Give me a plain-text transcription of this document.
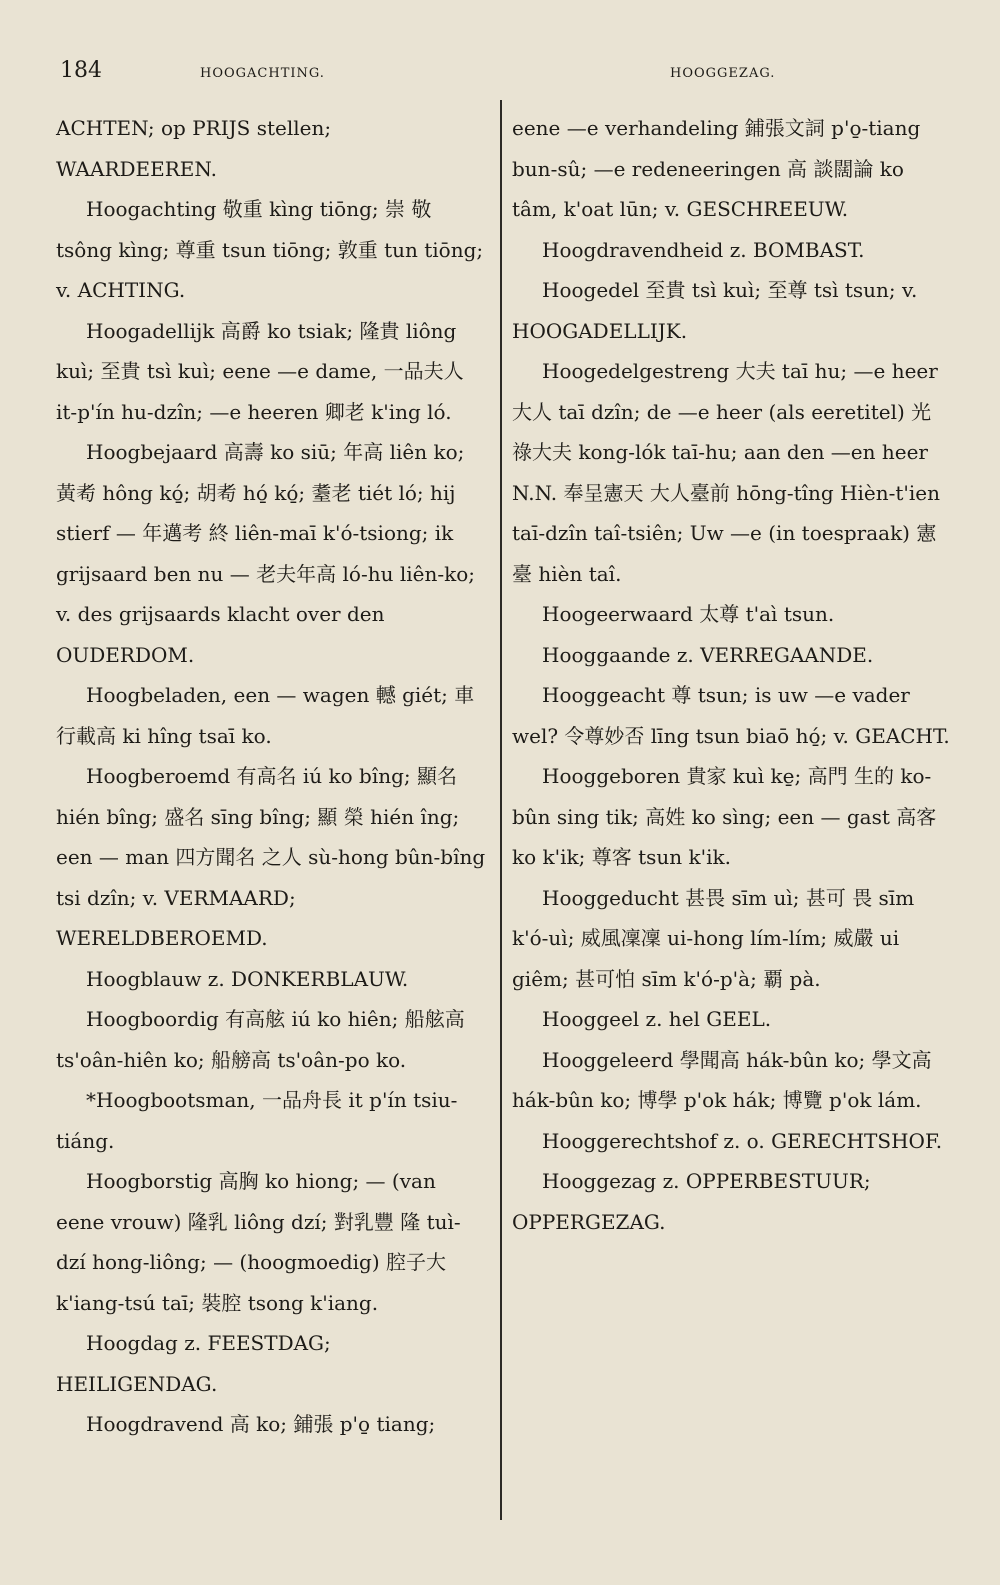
184	HOOGACHTING.	HOOGGEZAG.

ACHTEN; op PRIJS stellen; WAARDEEREN.

Hoogachting 敬重 kìng tiōng; 崇 敬 tsông kìng; 尊重 tsun tiōng; 敦重 tun tiōng; v. ACHTING.

Hoogadellijk 高爵 ko tsiak; 隆貴 liông kuì; 至貴 tsì kuì; eene —e dame, 一品夫人 it-p'ín hu-dzîn; —e heeren 卿老 k'ing ló.

Hoogbejaard 高壽 ko siū; 年高 liên ko; 黃耇 hông kó̱; 胡耇 hó̱ kó̱; 耋老 tiét ló; hij stierf — 年邁考 終 liên-maī k'ó-tsiong; ik grijsaard ben nu — 老夫年高 ló-hu liên-ko; v. des grijsaards klacht over den OUDERDOM.

Hoogbeladen, een — wagen 轗 giét; 車行載高 ki hîng tsaī ko.

Hoogberoemd 有高名 iú ko bîng; 顯名 hién bîng; 盛名 sīng bîng; 顯 榮 hién îng; een — man 四方聞名 之人 sù-hong bûn-bîng tsi dzîn; v. VERMAARD; WERELDBEROEMD.

Hoogblauw z. DONKERBLAUW.

Hoogboordig 有高舷 iú ko hiên; 船舷高 ts'oân-hiên ko; 船艕高 ts'oân-po ko.

*Hoogbootsman, 一品舟長 it p'ín tsiu-tiáng.

Hoogborstig 高胸 ko hiong; — (van eene vrouw) 隆乳 liông dzí; 對乳豐 隆 tuì-dzí hong-liông; — (hoogmoedig) 腔子大 k'iang-tsú taī; 裝腔 tsong k'iang.

Hoogdag z. FEESTDAG; HEILIGENDAG.

Hoogdravend 高 ko; 鋪張 p'o̱ tiang;

eene —e verhandeling 鋪張文詞 p'o̱-tiang bun-sû; —e redeneeringen 高 談闊論 ko tâm, k'oat lūn; v. GESCHREEUW.

Hoogdravendheid z. BOMBAST.

Hoogedel 至貴 tsì kuì; 至尊 tsì tsun; v. HOOGADELLIJK.

Hoogedelgestreng 大夫 taī hu; —e heer 大人 taī dzîn; de —e heer (als eeretitel) 光祿大夫 kong-lók taī-hu; aan den —en heer N.N. 奉呈憲天 大人臺前 hōng-tîng Hièn-t'ien taī-dzîn taî-tsiên; Uw —e (in toespraak) 憲 臺 hièn taî.

Hoogeerwaard 太尊 t'aì tsun.

Hooggaande z. VERREGAANDE.

Hooggeacht 尊 tsun; is uw —e vader wel? 令尊妙否 līng tsun biaō hó̱; v. GEACHT.

Hooggeboren 貴家 kuì ke̱; 高門 生的 ko-bûn sing tik; 高姓 ko sìng; een — gast 高客 ko k'ik; 尊客 tsun k'ik.

Hooggeducht 甚畏 sīm uì; 甚可 畏 sīm k'ó-uì; 威風凜凜 ui-hong lím-lím; 威嚴 ui giêm; 甚可怕 sīm k'ó-p'à; 覇 pà.

Hooggeel z. hel GEEL.

Hooggeleerd 學聞高 hák-bûn ko; 學文高 hák-bûn ko; 博學 p'ok hák; 博覽 p'ok lám.

Hooggerechtshof z. o. GERECHTSHOF.

Hooggezag z. OPPERBESTUUR; OPPERGEZAG.
